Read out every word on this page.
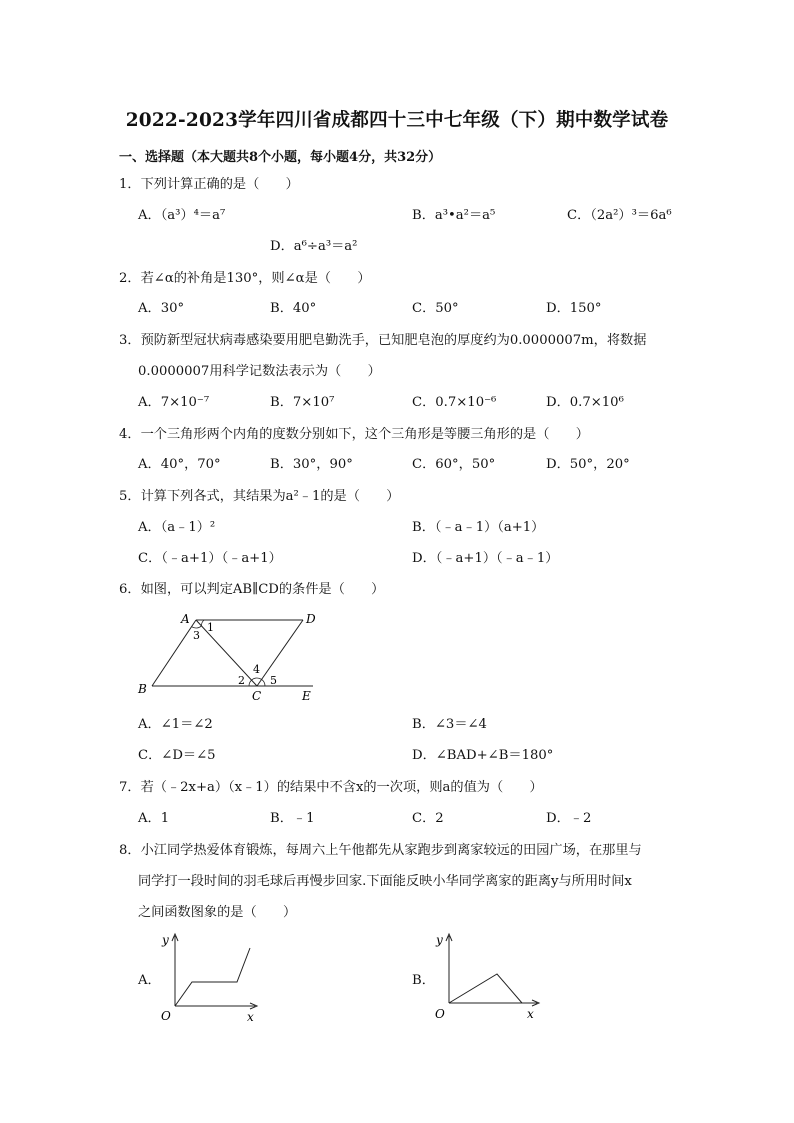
2022-2023学年四川省成都四十三中七年级（下）期中数学试卷
一、选择题（本大题共8个小题，每小题4分，共32分）
1．下列计算正确的是（　　）
A．（a³）⁴＝a⁷	B．a³•a²＝a⁵	C．（2a²）³＝6a⁶
D．a⁶÷a³＝a²
2．若∠α的补角是130°，则∠α是（　　）
A．30°	B．40°	C．50°	D．150°
3．预防新型冠状病毒感染要用肥皂勤洗手，已知肥皂泡的厚度约为0.0000007m，将数据
0.0000007用科学记数法表示为（　　）
A．7×10⁻⁷	B．7×10⁷	C．0.7×10⁻⁶	D．0.7×10⁶
4．一个三角形两个内角的度数分别如下，这个三角形是等腰三角形的是（　　）
A．40°，70°	B．30°，90°	C．60°，50°	D．50°，20°
5．计算下列各式，其结果为a²﹣1的是（　　）
A．（a﹣1）²	B．（﹣a﹣1）（a+1）
C．（﹣a+1）（﹣a+1）	D．（﹣a+1）（﹣a﹣1）
6．如图，可以判定AB∥CD的条件是（　　）
A	D
B	C	E
1
3
2
4
5
A．∠1＝∠2	B．∠3＝∠4
C．∠D＝∠5	D．∠BAD+∠B＝180°
7．若（﹣2x+a）（x﹣1）的结果中不含x的一次项，则a的值为（　　）
A．1	B．﹣1	C．2	D．﹣2
8．小江同学热爱体育锻炼，每周六上午他都先从家跑步到离家较远的田园广场，在那里与
同学打一段时间的羽毛球后再慢步回家.下面能反映小华同学离家的距离y与所用时间x
之间函数图象的是（　　）
A．
y
x
O
B．
y
x
O
